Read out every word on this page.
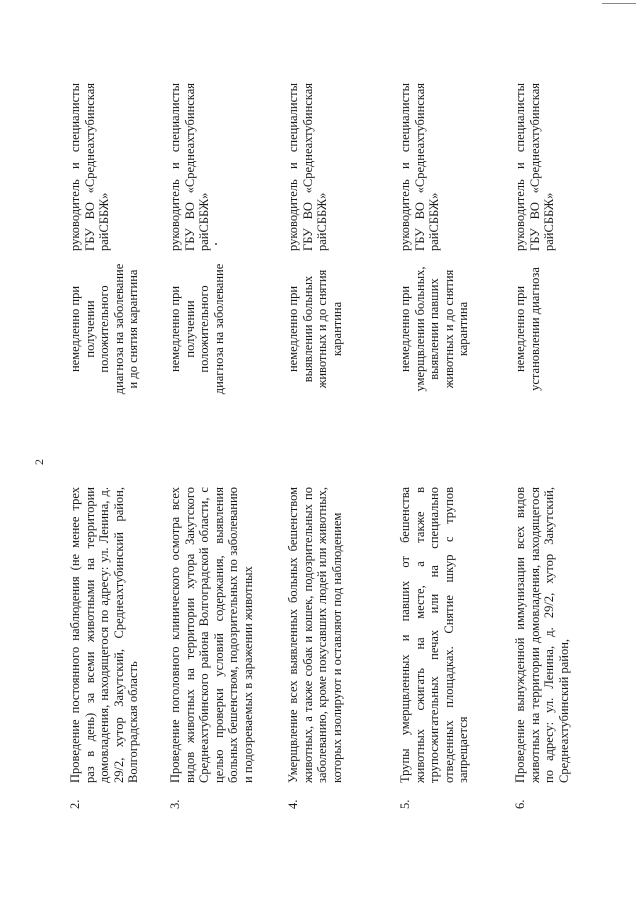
2
2.
Проведение постоянного наблюдения (не менее трех раз в день) за всеми животными на территории домовладения, находящегося по адресу: ул. Ленина, д. 29/2, хутор Закутский, Среднеахтубинский район, Волгоградская область
немедленно при получении положительного диагноза на заболевание и до снятия карантина
руководитель и специалисты ГБУ ВО «Среднеахтубинская райСББЖ»
3.
Проведение поголовного клинического осмотра всех видов животных на территории хутора Закутского Среднеахтубинского района Волгоградской области, с целью проверки условий содержания, выявления больных бешенством, подозрительных по заболеванию и подозреваемых в заражении животных
немедленно при получении положительного диагноза на заболевание
руководитель и специалисты ГБУ ВО «Среднеахтубинская райСББЖ»
4.
Умерщвление всех выявленных больных бешенством животных, а также собак и кошек, подозрительных по заболеванию, кроме покусавших людей или животных, которых изолируют и оставляют под наблюдением
немедленно при выявлении больных животных и до снятия карантина
руководитель и специалисты ГБУ ВО «Среднеахтубинская райСББЖ»
5.
Трупы умерщвленных и павших от бешенства животных сжигать на месте, а также в трупосжигательных печах или на специально отведенных площадках. Снятие шкур с трупов запрещается
немедленно при умерщвлении больных, выявлении павших животных и до снятия карантина
руководитель и специалисты ГБУ ВО «Среднеахтубинская райСББЖ»
6.
Проведение вынужденной иммунизации всех видов животных на территории домовладения, находящегося по адресу: ул. Ленина, д. 29/2, хутор Закутский, Среднеахтубинский район,
немедленно при установлении диагноза
руководитель и специалисты ГБУ ВО «Среднеахтубинская райСББЖ»
